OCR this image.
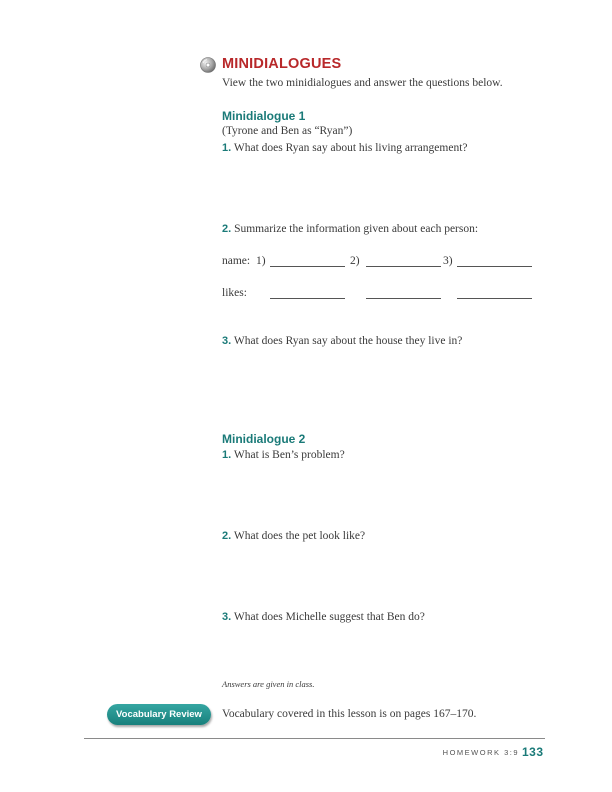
MINIDIALOGUES
View the two minidialogues and answer the questions below.
Minidialogue 1
(Tyrone and Ben as “Ryan”)
1. What does Ryan say about his living arrangement?
2. Summarize the information given about each person:
name: 1)	2)	3)
likes:
3. What does Ryan say about the house they live in?
Minidialogue 2
1. What is Ben’s problem?
2. What does the pet look like?
3. What does Michelle suggest that Ben do?
Answers are given in class.
Vocabulary Review	Vocabulary covered in this lesson is on pages 167–170.
HOMEWORK 3:9 133
